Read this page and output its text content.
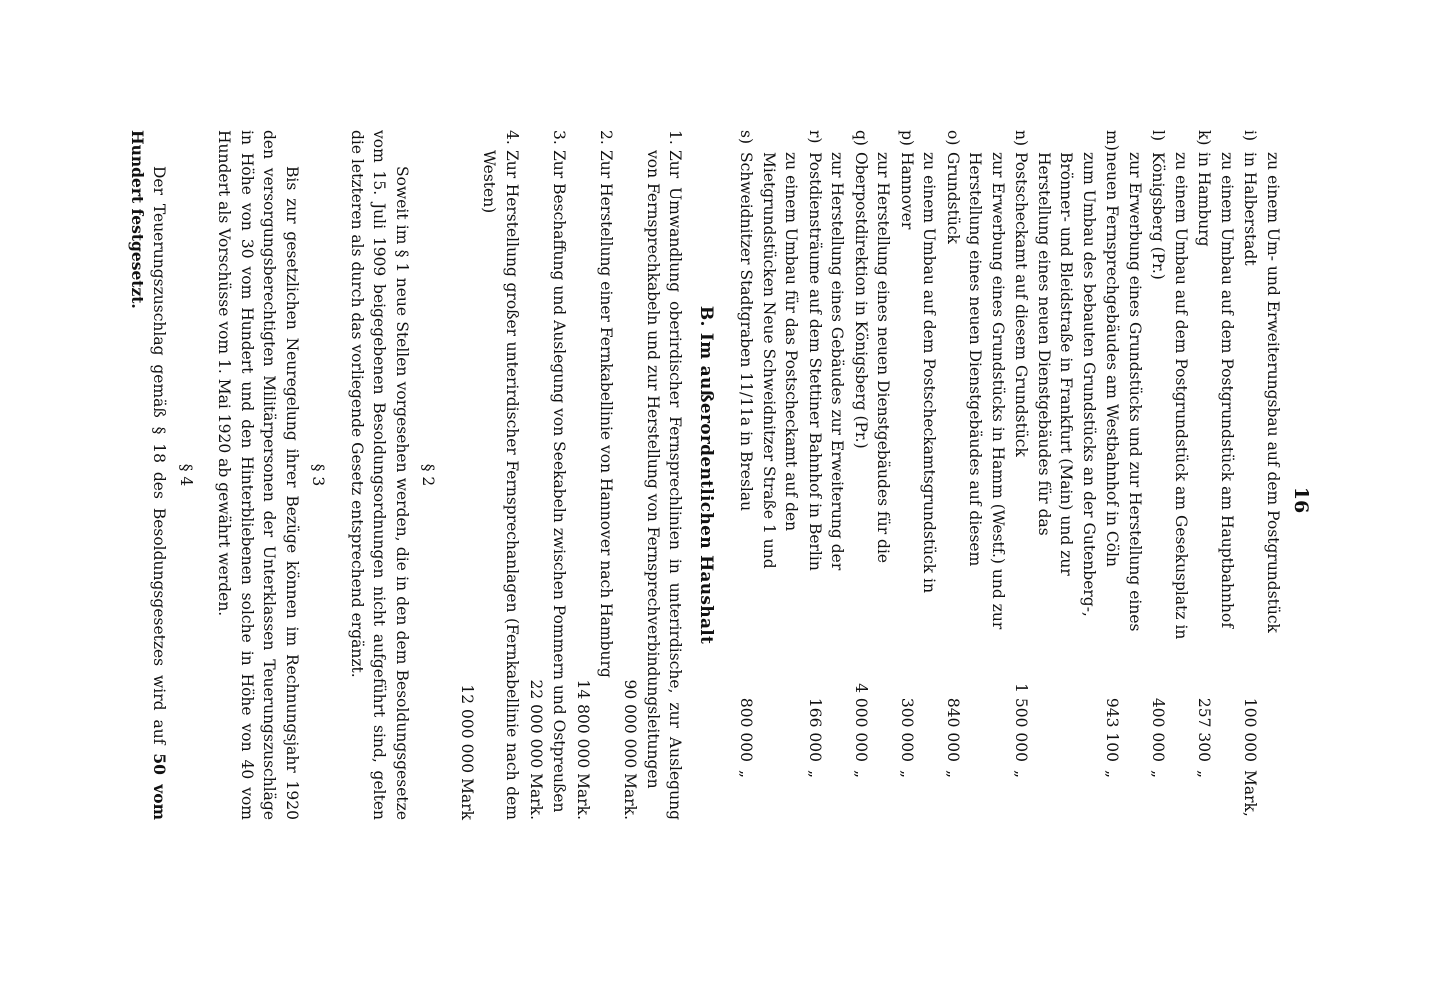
16
i)
zu einem Um- und Erweiterungsbau auf dem Postgrundstück in Halberstadt
100 000
Mark,
k)
zu einem Umbau auf dem Postgrundstück am Hauptbahnhof in Hamburg
257 300
„
l)
zu einem Umbau auf dem Postgrundstück am Gesekusplatz in Königsberg (Pr.)
400 000
„
m)
zur Erwerbung eines Grundstücks und zur Herstellung eines neuen Fernsprechgebäudes am Westbahnhof in Cöln
943 100
„
n)
zum Umbau des bebauten Grundstücks an der Gutenberg-, Brönner- und Bleidstraße in Frankfurt (Main) und zur Herstellung eines neuen Dienstgebäudes für das Postscheckamt auf diesem Grundstück
1 500 000
„
o)
zur Erwerbung eines Grundstücks in Hamm (Westf.) und zur Herstellung eines neuen Dienstgebäudes auf diesem Grundstück
840 000
„
p)
zu einem Umbau auf dem Postscheckamtsgrundstück in Hannover
300 000
„
q)
zur Herstellung eines neuen Dienstgebäudes für die Oberpostdirektion in Königsberg (Pr.)
4 000 000
„
r)
zur Herstellung eines Gebäudes zur Erweiterung der Postdiensträume auf dem Stettiner Bahnhof in Berlin
166 000
„
s)
zu einem Umbau für das Postscheckamt auf den Mietgrundstücken Neue Schweidnitzer Straße 1 und Schweidnitzer Stadtgraben 11/11a in Breslau
800 000
„
B. Im außerordentlichen Haushalt
1.
Zur Umwandlung oberirdischer Fernsprechlinien in unterirdische, zur Auslegung von Fernsprechkabeln und zur Herstellung von Fernsprechverbindungsleitungen
90 000 000 Mark.
2.
Zur Herstellung einer Fernkabellinie von Hannover nach Hamburg
14 800 000 Mark.
3.
Zur Beschaffung und Auslegung von Seekabeln zwischen Pommern und Ostpreußen
22 000 000 Mark.
4.
Zur Herstellung großer unterirdischer Fernsprechanlagen (Fernkabellinie nach dem Westen)
12 000 000 Mark
§ 2

Soweit im § 1 neue Stellen vorgesehen werden, die in den dem Besoldungsgesetze vom 15. Juli 1909 beigegebenen Besoldungsordnungen nicht aufgeführt sind, gelten die letzteren als durch das vorliegende Gesetz entsprechend ergänzt.

§ 3

Bis zur gesetzlichen Neuregelung ihrer Bezüge können im Rechnungsjahr 1920 den versorgungsberechtigten Militärpersonen der Unterklassen Teuerungszuschläge in Höhe von 30 vom Hundert und den Hinterbliebenen solche in Höhe von 40 vom Hundert als Vorschüsse vom 1. Mai 1920 ab gewährt werden.

§ 4

Der Teuerungszuschlag gemäß § 18 des Besoldungsgesetzes wird auf 50 vom Hundert festgesetzt.
